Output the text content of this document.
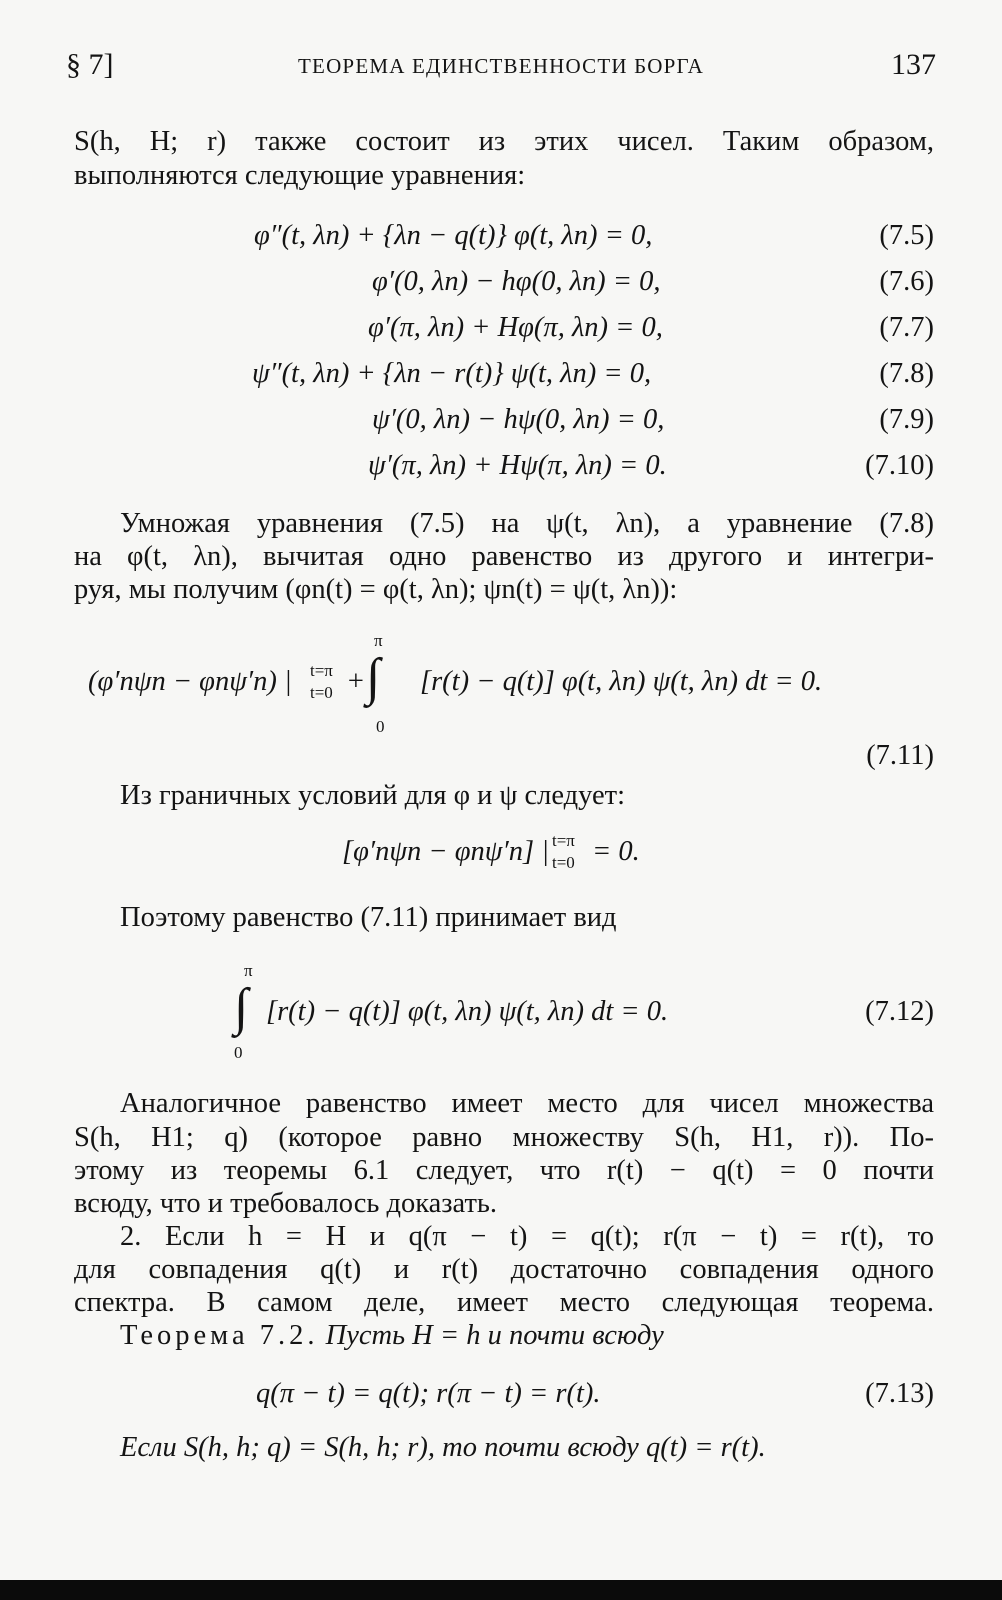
§ 7]	ТЕОРЕМА ЕДИНСТВЕННОСТИ БОРГА	137
S(h, H; r) также состоит из этих чисел. Таким образом,
выполняются следующие уравнения:
φ″(t, λn) + {λn − q(t)} φ(t, λn) = 0,	(7.5)
φ′(0, λn) − hφ(0, λn) = 0,	(7.6)
φ′(π, λn) + Hφ(π, λn) = 0,	(7.7)
ψ″(t, λn) + {λn − r(t)} ψ(t, λn) = 0,	(7.8)
ψ′(0, λn) − hψ(0, λn) = 0,	(7.9)
ψ′(π, λn) + Hψ(π, λn) = 0.	(7.10)
Умножая уравнения (7.5) на ψ(t, λn), а уравнение (7.8)
на φ(t, λn), вычитая одно равенство из другого и интегри-
руя, мы получим (φn(t) = φ(t, λn); ψn(t) = ψ(t, λn)):
(φ′nψn − φnψ′n) | t=π
t=0 +
π
∫
0
[r(t) − q(t)] φ(t, λn) ψ(t, λn) dt = 0.
(7.11)
Из граничных условий для φ и ψ следует:
[φ′nψn − φnψ′n] | t=π
t=0 = 0.
Поэтому равенство (7.11) принимает вид
π
∫
0
[r(t) − q(t)] φ(t, λn) ψ(t, λn) dt = 0.	(7.12)
Аналогичное равенство имеет место для чисел множества
S(h, H1; q) (которое равно множеству S(h, H1, r)). По-
этому из теоремы 6.1 следует, что r(t) − q(t) = 0 почти
всюду, что и требовалось доказать.
2. Если h = H и q(π − t) = q(t); r(π − t) = r(t), то
для совпадения q(t) и r(t) достаточно совпадения одного
спектра. В самом деле, имеет место следующая теорема.
Теорема 7.2. Пусть H = h и почти всюду
q(π − t) = q(t); r(π − t) = r(t).	(7.13)
Если S(h, h; q) = S(h, h; r), то почти всюду q(t) = r(t).
